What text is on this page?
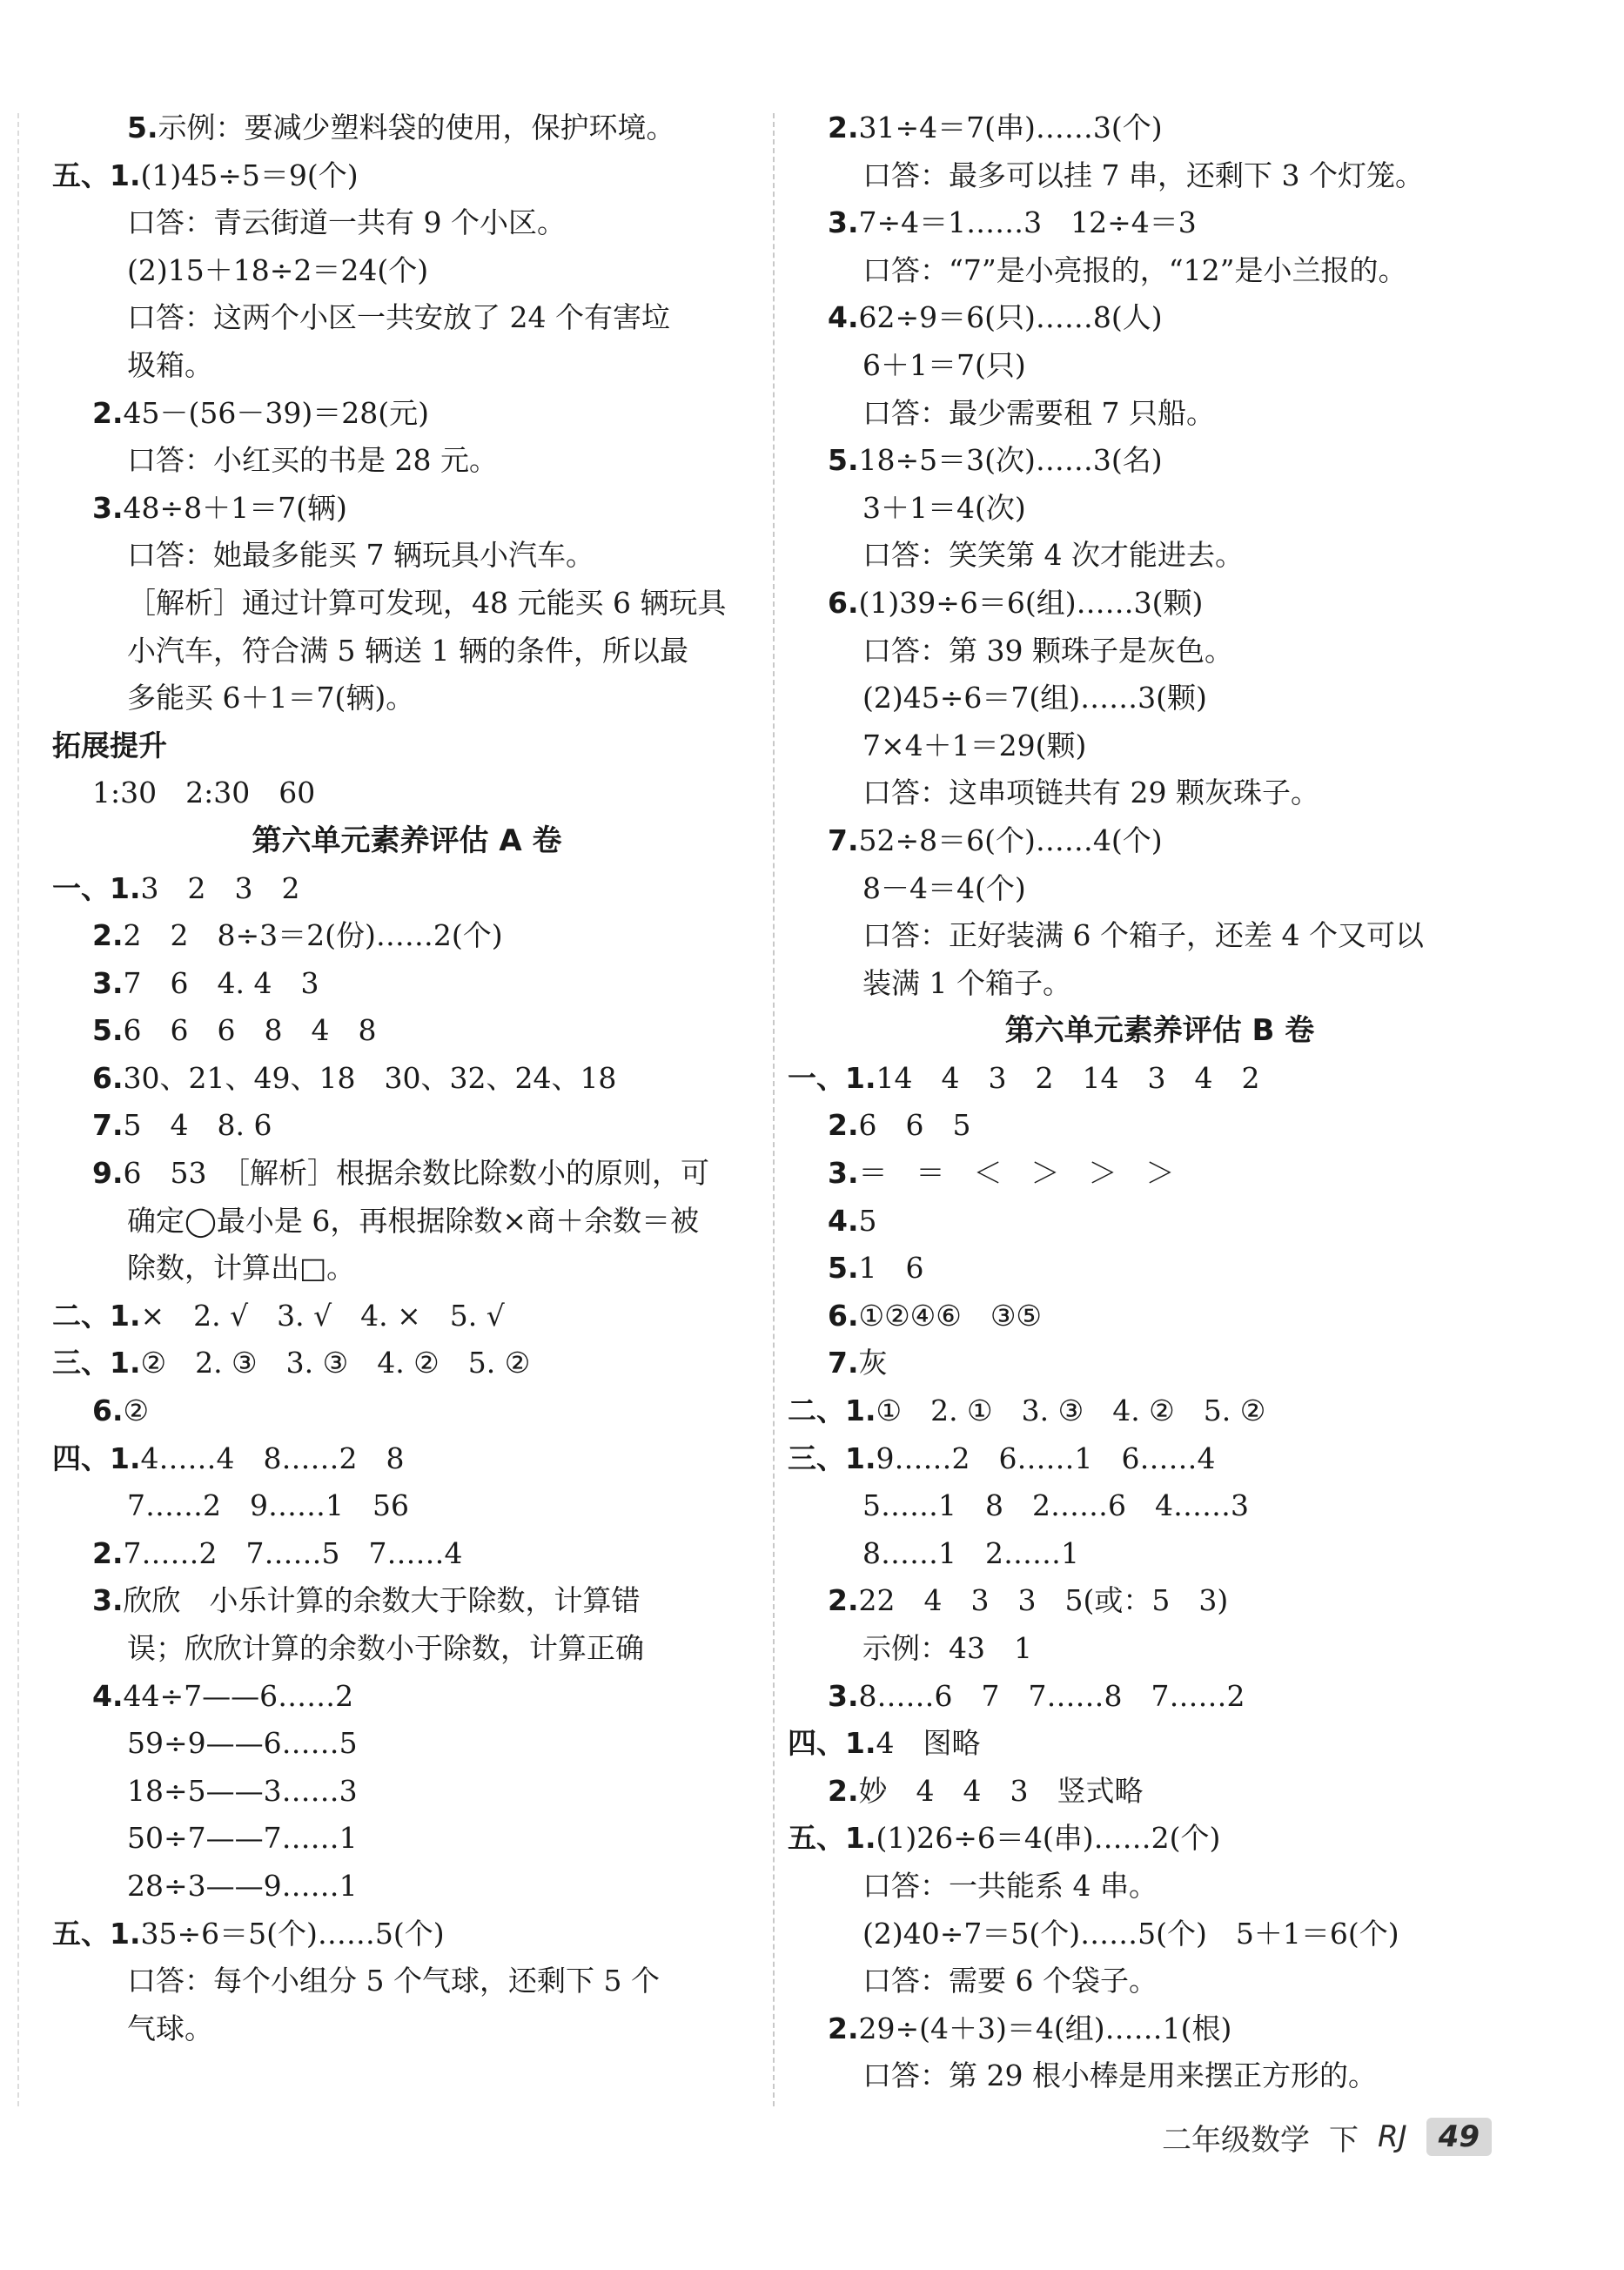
5.示例：要减少塑料袋的使用，保护环境。
五、1.(1)45÷5＝9(个)
口答：青云街道一共有 9 个小区。
(2)15＋18÷2＝24(个)
口答：这两个小区一共安放了 24 个有害垃
圾箱。
2.45－(56－39)＝28(元)
口答：小红买的书是 28 元。
3.48÷8＋1＝7(辆)
口答：她最多能买 7 辆玩具小汽车。
［解析］通过计算可发现，48 元能买 6 辆玩具
小汽车，符合满 5 辆送 1 辆的条件，所以最
多能买 6＋1＝7(辆)。
拓展提升
1:30　2:30　60
第六单元素养评估 A 卷
一、1.3　2　3　2
2.2　2　8÷3＝2(份)……2(个)
3.7　6　4. 4　3
5.6　6　6　8　4　8
6.30、21、49、18　30、32、24、18
7.5　4　8. 6
9.6　53　［解析］根据余数比除数小的原则，可
确定◯最小是 6，再根据除数×商＋余数＝被
除数，计算出□。
二、1.×　2. √　3. √　4. ×　5. √
三、1.②　2. ③　3. ③　4. ②　5. ②
6.②
四、1.4……4　8……2　8
7……2　9……1　56
2.7……2　7……5　7……4
3.欣欣　小乐计算的余数大于除数，计算错
误；欣欣计算的余数小于除数，计算正确
4.44÷7——6……2
59÷9——6……5
18÷5——3……3
50÷7——7……1
28÷3——9……1
五、1.35÷6＝5(个)……5(个)
口答：每个小组分 5 个气球，还剩下 5 个
气球。
2.31÷4＝7(串)……3(个)
口答：最多可以挂 7 串，还剩下 3 个灯笼。
3.7÷4＝1……3　12÷4＝3
口答：“7”是小亮报的，“12”是小兰报的。
4.62÷9＝6(只)……8(人)
6＋1＝7(只)
口答：最少需要租 7 只船。
5.18÷5＝3(次)……3(名)
3＋1＝4(次)
口答：笑笑第 4 次才能进去。
6.(1)39÷6＝6(组)……3(颗)
口答：第 39 颗珠子是灰色。
(2)45÷6＝7(组)……3(颗)
7×4＋1＝29(颗)
口答：这串项链共有 29 颗灰珠子。
7.52÷8＝6(个)……4(个)
8－4＝4(个)
口答：正好装满 6 个箱子，还差 4 个又可以
装满 1 个箱子。
第六单元素养评估 B 卷
一、1.14　4　3　2　14　3　4　2
2.6　6　5
3.＝　＝　＜　＞　＞　＞
4.5
5.1　6
6.①②④⑥　③⑤
7.灰
二、1.①　2. ①　3. ③　4. ②　5. ②
三、1.9……2　6……1　6……4
5……1　8　2……6　4……3
8……1　2……1
2.22　4　3　3　5(或：5　3)
示例：43　1
3.8……6　7　7……8　7……2
四、1.4　图略
2.妙　4　4　3　竖式略
五、1.(1)26÷6＝4(串)……2(个)
口答：一共能系 4 串。
(2)40÷7＝5(个)……5(个)　5＋1＝6(个)
口答：需要 6 个袋子。
2.29÷(4＋3)＝4(组)……1(根)
口答：第 29 根小棒是用来摆正方形的。
二年级数学 下 RJ	49
